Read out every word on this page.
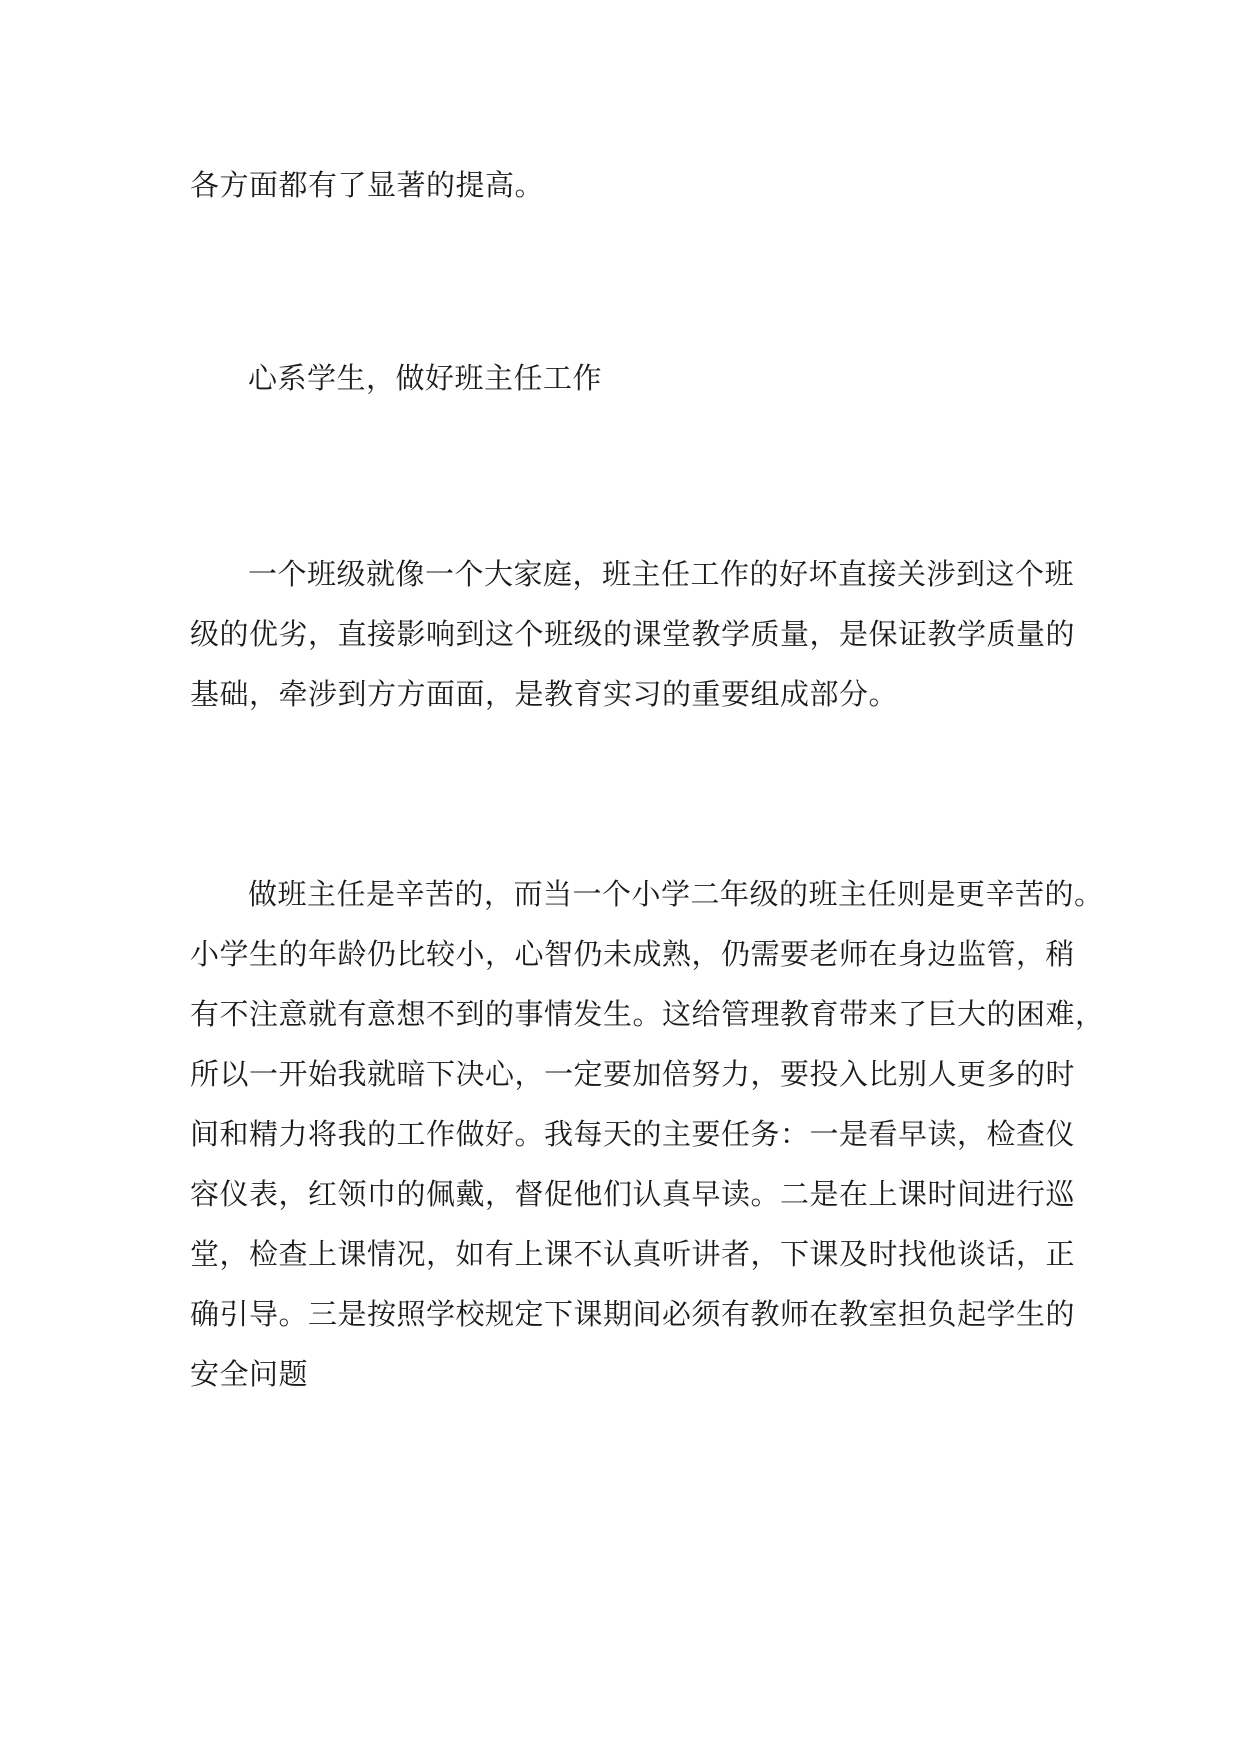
各方面都有了显著的提高。
心系学生，做好班主任工作
一个班级就像一个大家庭，班主任工作的好坏直接关涉到这个班
级的优劣，直接影响到这个班级的课堂教学质量，是保证教学质量的
基础，牵涉到方方面面，是教育实习的重要组成部分。
做班主任是辛苦的，而当一个小学二年级的班主任则是更辛苦的。
小学生的年龄仍比较小，心智仍未成熟，仍需要老师在身边监管，稍
有不注意就有意想不到的事情发生。这给管理教育带来了巨大的困难，
所以一开始我就暗下决心，一定要加倍努力，要投入比别人更多的时
间和精力将我的工作做好。我每天的主要任务：一是看早读，检查仪
容仪表，红领巾的佩戴，督促他们认真早读。二是在上课时间进行巡
堂，检查上课情况，如有上课不认真听讲者，下课及时找他谈话，正
确引导。三是按照学校规定下课期间必须有教师在教室担负起学生的
安全问题
